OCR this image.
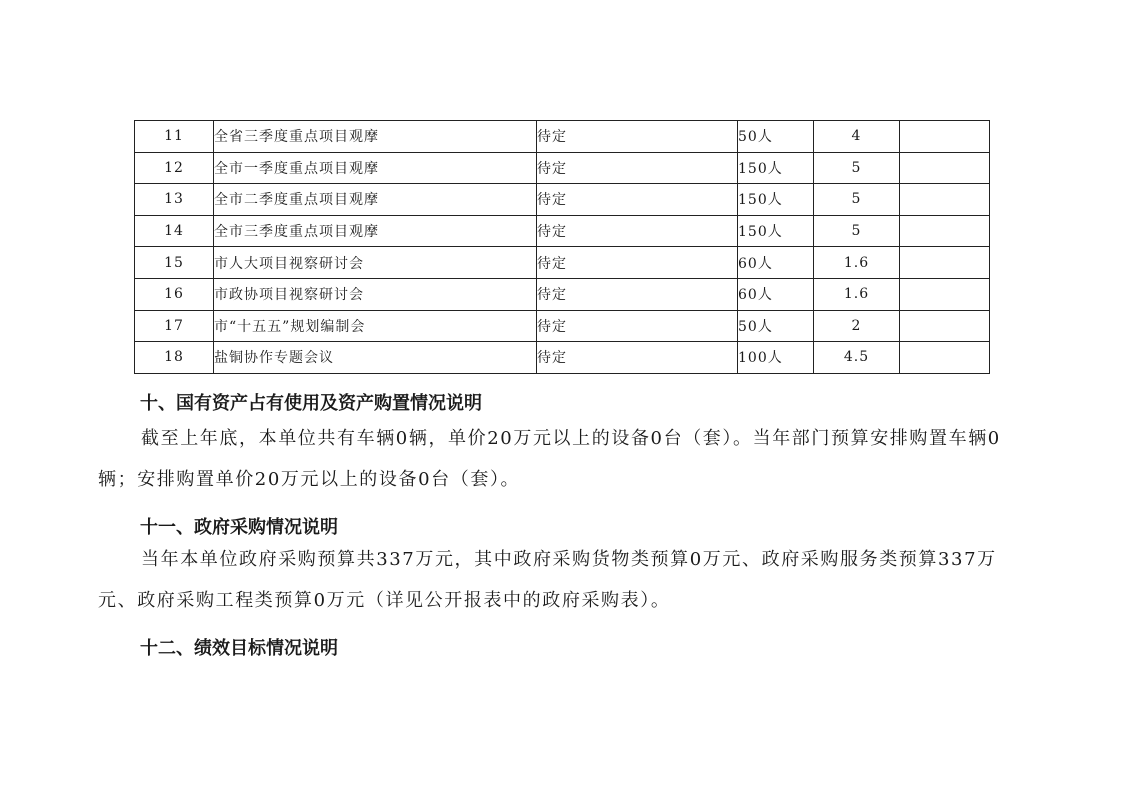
11	全省三季度重点项目观摩	待定	50人	4	
12	全市一季度重点项目观摩	待定	150人	5	
13	全市二季度重点项目观摩	待定	150人	5	
14	全市三季度重点项目观摩	待定	150人	5	
15	市人大项目视察研讨会	待定	60人	1.6	
16	市政协项目视察研讨会	待定	60人	1.6	
17	市“十五五”规划编制会	待定	50人	2	
18	盐铜协作专题会议	待定	100人	4.5	
十、国有资产占有使用及资产购置情况说明
截至上年底，本单位共有车辆0辆，单价20万元以上的设备0台（套）。当年部门预算安排购置车辆0辆；安排购置单价20万元以上的设备0台（套）。
十一、政府采购情况说明
当年本单位政府采购预算共337万元，其中政府采购货物类预算0万元、政府采购服务类预算337万元、政府采购工程类预算0万元（详见公开报表中的政府采购表）。
十二、绩效目标情况说明
